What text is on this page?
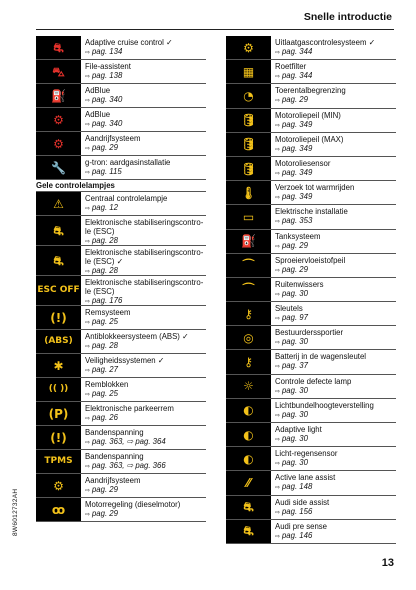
Snelle introductie
⛐	Adaptive cruise control ✓
⇨ pag. 134
⛍	File-assistent
⇨ pag. 138
⛽ AdBlue
⇨ pag. 340
⚙	AdBlue
⇨ pag. 340
⚙	Aandrijfsysteem
⇨ pag. 29
🔧 g-tron: aardgasinstallatie
⇨ pag. 115
Gele controlelampjes
⚠	Centraal controlelampje
⇨ pag. 12
⛐
Elektronische stabiliseringscontro-
le (ESC)
⇨ pag. 28
⛐
Elektronische stabiliseringscontro-
le (ESC) ✓
⇨ pag. 28
ESC OFF
Elektronische stabiliseringscontro-
le (ESC)
⇨ pag. 176
(!) Remsysteem
⇨ pag. 25
(ABS) Antiblokkeersysteem (ABS) ✓
⇨ pag. 28
✱	Veiligheidssystemen ✓
⇨ pag. 27
(( )) Remblokken
⇨ pag. 25
(P) Elektronische parkeerrem
⇨ pag. 26
(!) Bandenspanning
⇨ pag. 363, ⇨ pag. 364
TPMS Bandenspanning
⇨ pag. 363, ⇨ pag. 366
⚙	Aandrijfsysteem
⇨ pag. 29
ꝏ	Motorregeling (dieselmotor)
⇨ pag. 29
⚙	Uitlaatgascontrolesysteem ✓
⇨ pag. 344
▦	Roetfilter
⇨ pag. 344
◔	Toerentalbegrenzing
⇨ pag. 29
🛢 Motoroliepeil (MIN)
⇨ pag. 349
🛢 Motoroliepeil (MAX)
⇨ pag. 349
🛢 Motoroliesensor
⇨ pag. 349
🌡 Verzoek tot warmrijden
⇨ pag. 349
▭	Elektrische installatie
⇨ pag. 353
⛽ Tanksysteem
⇨ pag. 29
⌒	Sproeiervloeistofpeil
⇨ pag. 29
⌒	Ruitenwissers
⇨ pag. 30
⚷	Sleutels
⇨ pag. 97
◎	Bestuurderssportier
⇨ pag. 30
⚷	Batterij in de wagensleutel
⇨ pag. 37
☼	Controle defecte lamp
⇨ pag. 30
◐	Lichtbundelhoogteverstelling
⇨ pag. 30
◐	Adaptive light
⇨ pag. 30
◐	Licht-regensensor
⇨ pag. 30
⁄⁄	Active lane assist
⇨ pag. 148
⛐	Audi side assist
⇨ pag. 156
⛐	Audi pre sense
⇨ pag. 146
8W6012732AH
13
